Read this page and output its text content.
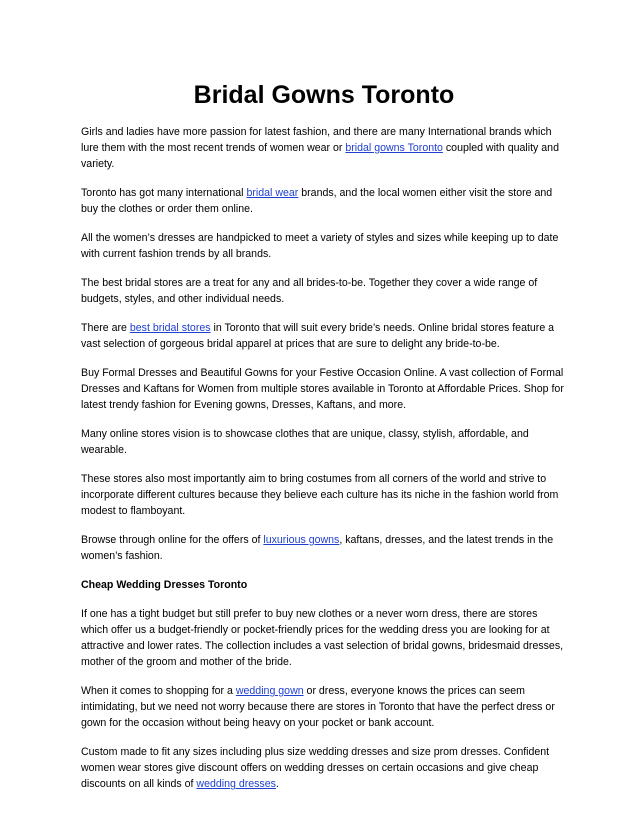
Bridal Gowns Toronto

Girls and ladies have more passion for latest fashion, and there are many International brands which lure them with the most recent trends of women wear or bridal gowns Toronto coupled with quality and variety.

Toronto has got many international bridal wear brands, and the local women either visit the store and buy the clothes or order them online.

All the women’s dresses are handpicked to meet a variety of styles and sizes while keeping up to date with current fashion trends by all brands.

The best bridal stores are a treat for any and all brides-to-be. Together they cover a wide range of budgets, styles, and other individual needs.

There are best bridal stores in Toronto that will suit every bride’s needs. Online bridal stores feature a vast selection of gorgeous bridal apparel at prices that are sure to delight any bride-to-be.

Buy Formal Dresses and Beautiful Gowns for your Festive Occasion Online. A vast collection of Formal Dresses and Kaftans for Women from multiple stores available in Toronto at Affordable Prices. Shop for latest trendy fashion for Evening gowns, Dresses, Kaftans, and more.

Many online stores vision is to showcase clothes that are unique, classy, stylish, affordable, and wearable.

These stores also most importantly aim to bring costumes from all corners of the world and strive to incorporate different cultures because they believe each culture has its niche in the fashion world from modest to flamboyant.

Browse through online for the offers of luxurious gowns, kaftans, dresses, and the latest trends in the women’s fashion.

Cheap Wedding Dresses Toronto

If one has a tight budget but still prefer to buy new clothes or a never worn dress, there are stores which offer us a budget-friendly or pocket-friendly prices for the wedding dress you are looking for at attractive and lower rates. The collection includes a vast selection of bridal gowns, bridesmaid dresses, mother of the groom and mother of the bride.

When it comes to shopping for a wedding gown or dress, everyone knows the prices can seem intimidating, but we need not worry because there are stores in Toronto that have the perfect dress or gown for the occasion without being heavy on your pocket or bank account.

Custom made to fit any sizes including plus size wedding dresses and size prom dresses. Confident women wear stores give discount offers on wedding dresses on certain occasions and give cheap discounts on all kinds of wedding dresses.
